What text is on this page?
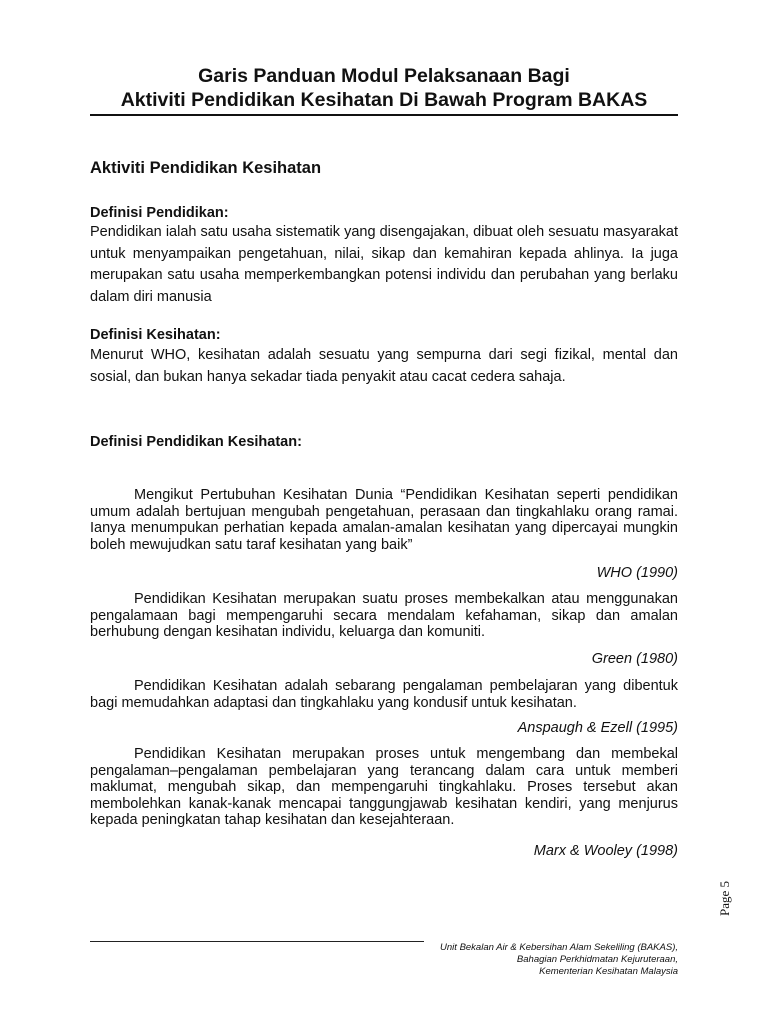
Garis Panduan Modul Pelaksanaan Bagi
Aktiviti Pendidikan Kesihatan Di Bawah Program BAKAS
Aktiviti Pendidikan Kesihatan
Definisi Pendidikan:
Pendidikan ialah satu usaha sistematik yang disengajakan, dibuat oleh sesuatu masyarakat untuk menyampaikan pengetahuan, nilai, sikap dan kemahiran kepada ahlinya. Ia juga merupakan satu usaha memperkembangkan potensi individu dan perubahan yang berlaku dalam diri manusia
Definisi Kesihatan:
Menurut WHO, kesihatan adalah sesuatu yang sempurna dari segi fizikal, mental dan sosial, dan bukan hanya sekadar tiada penyakit atau cacat cedera sahaja.
Definisi Pendidikan Kesihatan:
Mengikut Pertubuhan Kesihatan Dunia “Pendidikan Kesihatan seperti pendidikan umum adalah bertujuan mengubah pengetahuan, perasaan dan tingkahlaku orang ramai. Ianya menumpukan perhatian kepada amalan-amalan kesihatan yang dipercayai mungkin boleh mewujudkan satu taraf kesihatan yang baik”
WHO (1990)
Pendidikan Kesihatan merupakan suatu proses membekalkan atau menggunakan pengalamaan bagi mempengaruhi secara mendalam kefahaman, sikap dan amalan berhubung dengan kesihatan individu, keluarga dan komuniti.
Green (1980)
Pendidikan Kesihatan adalah sebarang pengalaman pembelajaran yang dibentuk bagi memudahkan adaptasi dan tingkahlaku yang kondusif untuk kesihatan.
Anspaugh & Ezell (1995)
Pendidikan Kesihatan merupakan proses untuk mengembang dan membekal pengalaman–pengalaman pembelajaran yang terancang dalam cara untuk memberi maklumat, mengubah sikap, dan mempengaruhi tingkahlaku. Proses tersebut akan membolehkan kanak-kanak mencapai tanggungjawab kesihatan kendiri, yang menjurus kepada peningkatan tahap kesihatan dan kesejahteraan.
Marx & Wooley (1998)
Page 5
Unit Bekalan Air & Kebersihan Alam Sekeliling (BAKAS),
Bahagian Perkhidmatan Kejuruteraan,
Kementerian Kesihatan Malaysia
